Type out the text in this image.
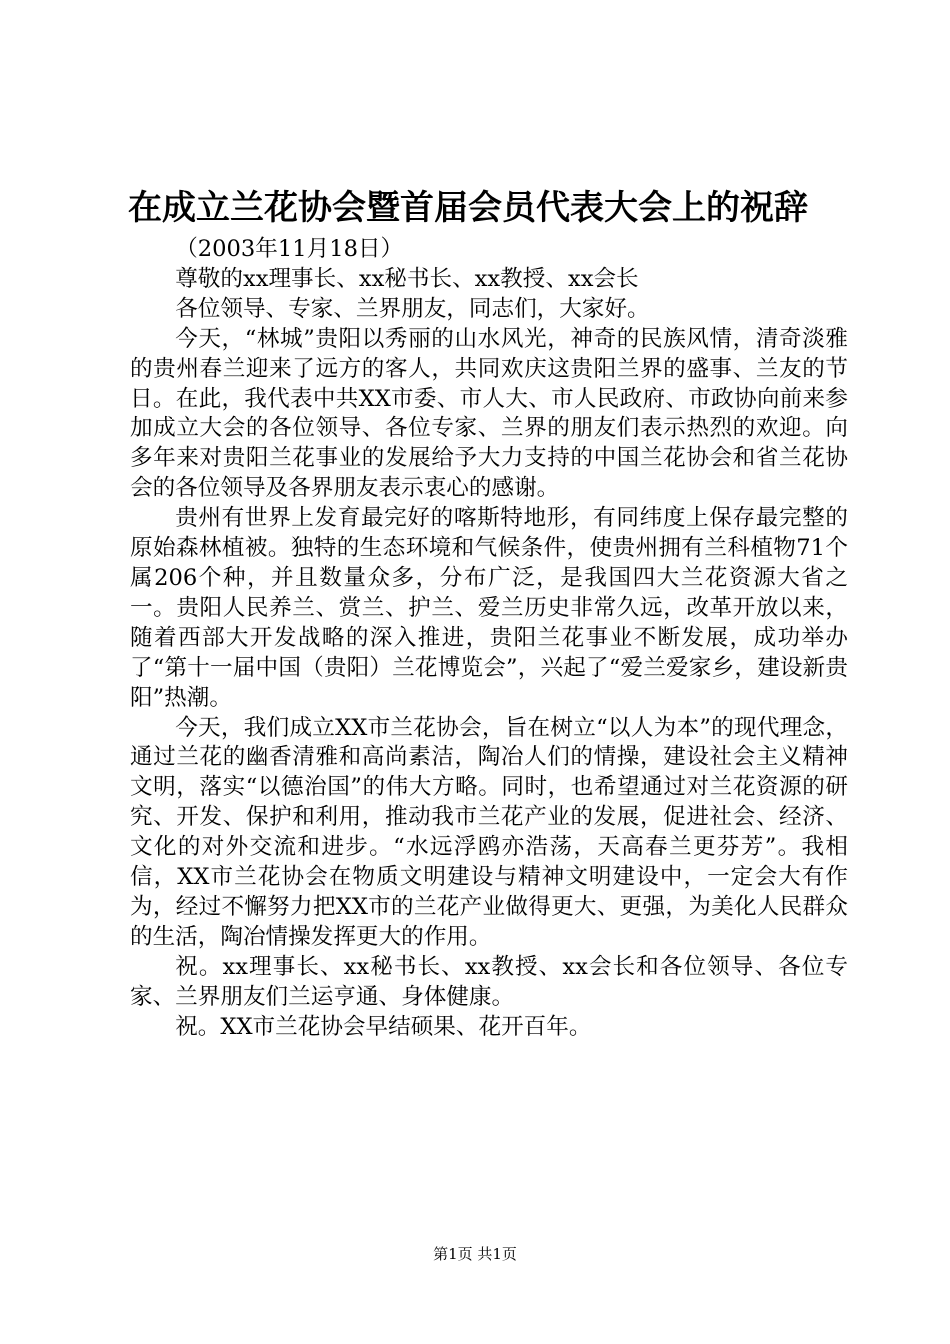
在成立兰花协会暨首届会员代表大会上的祝辞

（2003年11月18日）

尊敬的xx理事长、xx秘书长、xx教授、xx会长

各位领导、专家、兰界朋友，同志们，大家好。

今天，“林城”贵阳以秀丽的山水风光，神奇的民族风情，清奇淡雅的贵州春兰迎来了远方的客人，共同欢庆这贵阳兰界的盛事、兰友的节日。在此，我代表中共XX市委、市人大、市人民政府、市政协向前来参加成立大会的各位领导、各位专家、兰界的朋友们表示热烈的欢迎。向多年来对贵阳兰花事业的发展给予大力支持的中国兰花协会和省兰花协会的各位领导及各界朋友表示衷心的感谢。

贵州有世界上发育最完好的喀斯特地形，有同纬度上保存最完整的原始森林植被。独特的生态环境和气候条件，使贵州拥有兰科植物71个属206个种，并且数量众多，分布广泛，是我国四大兰花资源大省之一。贵阳人民养兰、赏兰、护兰、爱兰历史非常久远，改革开放以来，随着西部大开发战略的深入推进，贵阳兰花事业不断发展，成功举办了“第十一届中国（贵阳）兰花博览会”，兴起了“爱兰爱家乡，建设新贵阳”热潮。

今天，我们成立XX市兰花协会，旨在树立“以人为本”的现代理念，通过兰花的幽香清雅和高尚素洁，陶冶人们的情操，建设社会主义精神文明，落实“以德治国”的伟大方略。同时，也希望通过对兰花资源的研究、开发、保护和利用，推动我市兰花产业的发展，促进社会、经济、文化的对外交流和进步。“水远浮鸥亦浩荡，天高春兰更芬芳”。我相信，XX市兰花协会在物质文明建设与精神文明建设中，一定会大有作为，经过不懈努力把XX市的兰花产业做得更大、更强，为美化人民群众的生活，陶冶情操发挥更大的作用。

祝。xx理事长、xx秘书长、xx教授、xx会长和各位领导、各位专家、兰界朋友们兰运亨通、身体健康。

祝。XX市兰花协会早结硕果、花开百年。

第1页 共1页
